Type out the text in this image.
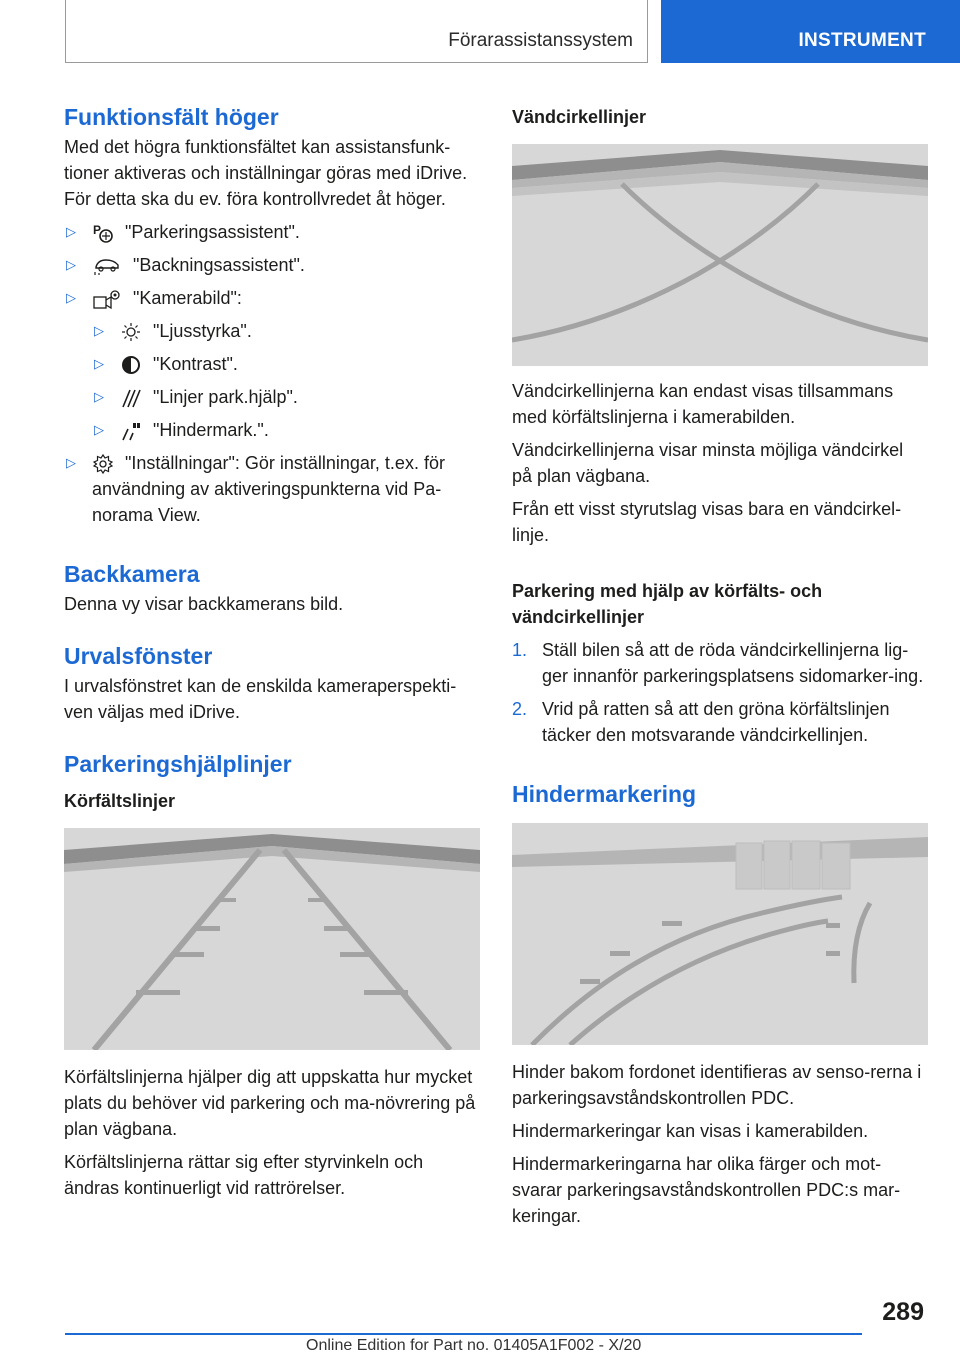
Förarassistanssystem	INSTRUMENT
Funktionsfält höger

Med det högra funktionsfältet kan assistansfunk-tioner aktiveras och inställningar göras med iDrive. För detta ska du ev. föra kontrollvredet åt höger.

▷ P "Parkeringsassistent".
▷	"Backningsassistent".
▷	"Kamerabild":
▷	"Ljusstyrka".
▷	"Kontrast".
▷	"Linjer park.hjälp".
▷	"Hindermark.".
▷	"Inställningar": Gör inställningar, t.ex. för användning av aktiveringspunkterna vid Pa-norama View.
Backkamera

Denna vy visar backkamerans bild.

Urvalsfönster

I urvalsfönstret kan de enskilda kameraperspekti-ven väljas med iDrive.

Parkeringshjälplinjer
Körfältslinjer

Körfältslinjerna hjälper dig att uppskatta hur mycket plats du behöver vid parkering och ma-növrering på plan vägbana.

Körfältslinjerna rättar sig efter styrvinkeln och ändras kontinuerligt vid rattrörelser.

Vändcirkellinjer

Vändcirkellinjerna kan endast visas tillsammans med körfältslinjerna i kamerabilden.

Vändcirkellinjerna visar minsta möjliga vändcirkel på plan vägbana.

Från ett visst styrutslag visas bara en vändcirkel-linje.

Parkering med hjälp av körfälts- och vändcirkellinjer
1. Ställ bilen så att de röda vändcirkellinjerna lig-ger innanför parkeringsplatsens sidomarker-ing.
2. Vrid på ratten så att den gröna körfältslinjen täcker den motsvarande vändcirkellinjen.
Hindermarkering

Hinder bakom fordonet identifieras av senso-rerna i parkeringsavståndskontrollen PDC.

Hindermarkeringar kan visas i kamerabilden.

Hindermarkeringarna har olika färger och mot-svarar parkeringsavståndskontrollen PDC:s mar-keringar.

289
Online Edition for Part no. 01405A1F002 - X/20
